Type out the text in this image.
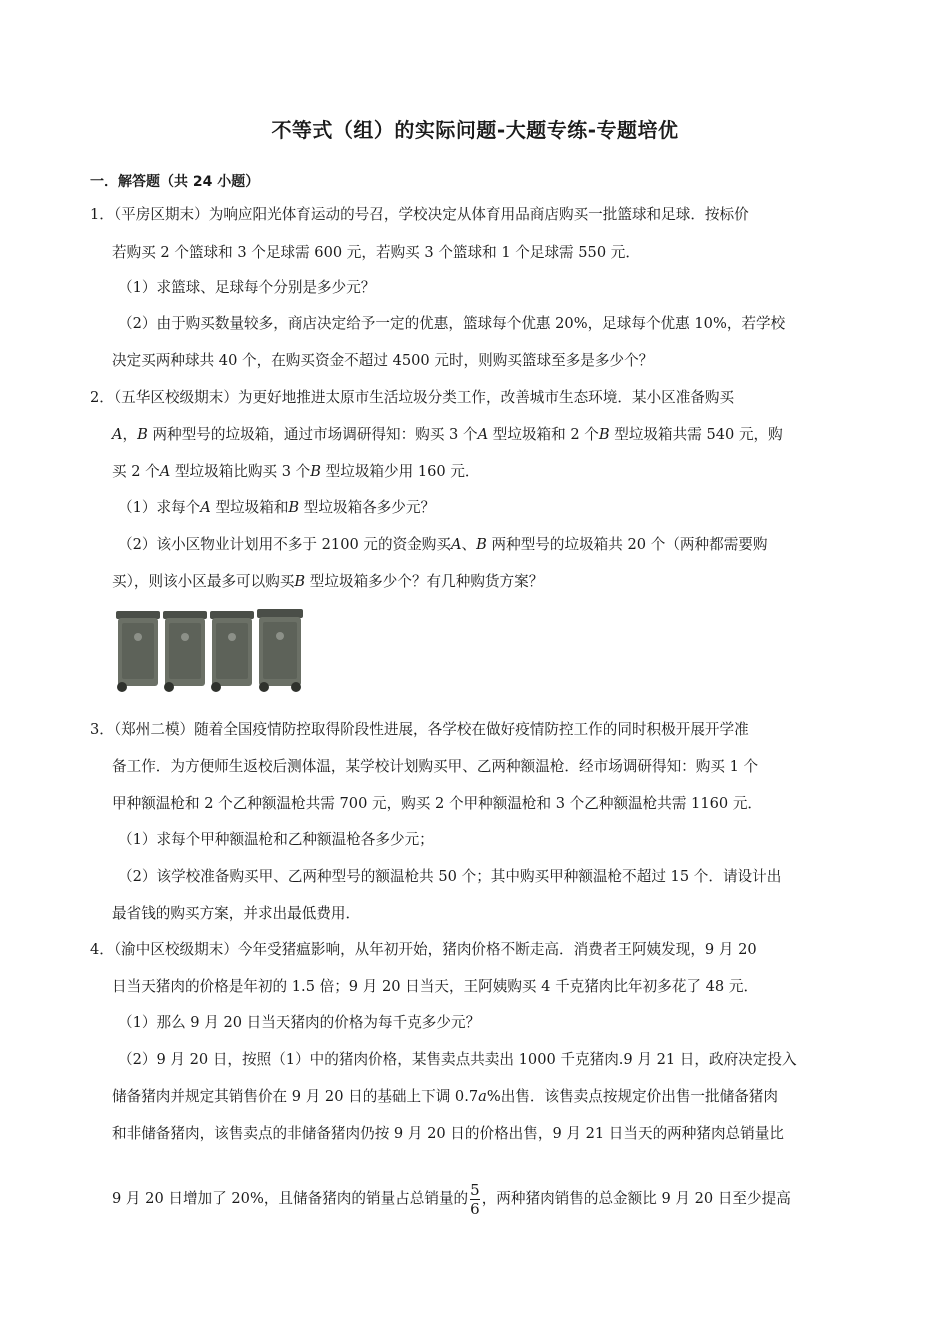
不等式（组）的实际问题-大题专练-专题培优
一．解答题（共 24 小题）
1．（平房区期末）为响应阳光体育运动的号召，学校决定从体育用品商店购买一批篮球和足球．按标价
若购买 2 个篮球和 3 个足球需 600 元，若购买 3 个篮球和 1 个足球需 550 元．
（1）求篮球、足球每个分别是多少元？
（2）由于购买数量较多，商店决定给予一定的优惠，篮球每个优惠 20%，足球每个优惠 10%，若学校
决定买两种球共 40 个，在购买资金不超过 4500 元时，则购买篮球至多是多少个？
2．（五华区校级期末）为更好地推进太原市生活垃圾分类工作，改善城市生态环境．某小区准备购买
A，B 两种型号的垃圾箱，通过市场调研得知：购买 3 个A 型垃圾箱和 2 个B 型垃圾箱共需 540 元，购
买 2 个A 型垃圾箱比购买 3 个B 型垃圾箱少用 160 元．
（1）求每个A 型垃圾箱和B 型垃圾箱各多少元？
（2）该小区物业计划用不多于 2100 元的资金购买A、B 两种型号的垃圾箱共 20 个（两种都需要购
买），则该小区最多可以购买B 型垃圾箱多少个？有几种购货方案？
3．（郑州二模）随着全国疫情防控取得阶段性进展，各学校在做好疫情防控工作的同时积极开展开学准
备工作．为方便师生返校后测体温，某学校计划购买甲、乙两种额温枪．经市场调研得知：购买 1 个
甲种额温枪和 2 个乙种额温枪共需 700 元，购买 2 个甲种额温枪和 3 个乙种额温枪共需 1160 元．
（1）求每个甲种额温枪和乙种额温枪各多少元；
（2）该学校准备购买甲、乙两种型号的额温枪共 50 个；其中购买甲种额温枪不超过 15 个．请设计出
最省钱的购买方案，并求出最低费用．
4．（渝中区校级期末）今年受猪瘟影响，从年初开始，猪肉价格不断走高．消费者王阿姨发现，9 月 20
日当天猪肉的价格是年初的 1.5 倍；9 月 20 日当天，王阿姨购买 4 千克猪肉比年初多花了 48 元．
（1）那么 9 月 20 日当天猪肉的价格为每千克多少元？
（2）9 月 20 日，按照（1）中的猪肉价格，某售卖点共卖出 1000 千克猪肉.9 月 21 日，政府决定投入
储备猪肉并规定其销售价在 9 月 20 日的基础上下调 0.7a%出售．该售卖点按规定价出售一批储备猪肉
和非储备猪肉，该售卖点的非储备猪肉仍按 9 月 20 日的价格出售，9 月 21 日当天的两种猪肉总销量比
9 月 20 日增加了 20%，且储备猪肉的销量占总销量的 $\frac{5}{6}$ ，两种猪肉销售的总金额比 9 月 20 日至少提高
